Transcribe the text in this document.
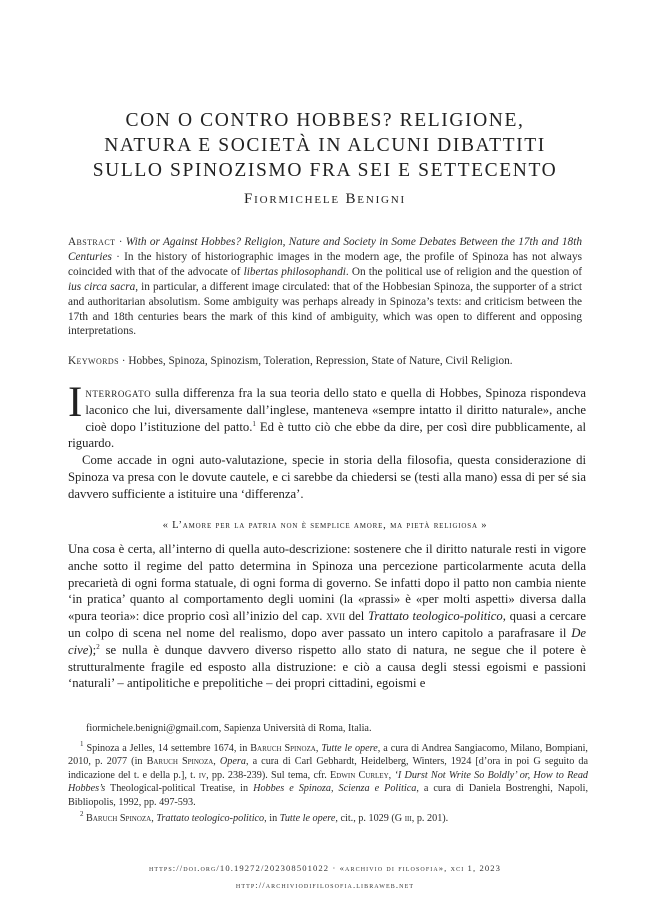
CON O CONTRO HOBBES? RELIGIONE,
NATURA E SOCIETÀ IN ALCUNI DIBATTITI
SULLO SPINOZISMO FRA SEI E SETTECENTO
Fiormichele Benigni
Abstract · With or Against Hobbes? Religion, Nature and Society in Some Debates Between the 17th and 18th Centuries · In the history of historiographic images in the modern age, the profile of Spinoza has not always coincided with that of the advocate of libertas philosophandi. On the political use of religion and the question of ius circa sacra, in particular, a different image circulated: that of the Hobbesian Spinoza, the supporter of a strict and authoritarian absolutism. Some ambiguity was perhaps already in Spinoza’s texts: and criticism between the 17th and 18th centuries bears the mark of this kind of ambiguity, which was open to different and opposing interpretations.
Keywords · Hobbes, Spinoza, Spinozism, Toleration, Repression, State of Nature, Civil Religion.

Interrogato sulla differenza fra la sua teoria dello stato e quella di Hobbes, Spinoza rispondeva laconico che lui, diversamente dall’inglese, manteneva «sempre intatto il diritto naturale», anche cioè dopo l’istituzione del patto.$^1$ Ed è tutto ciò che ebbe da dire, per così dire pubblicamente, al riguardo.

Come accade in ogni auto-valutazione, specie in storia della filosofia, questa considerazione di Spinoza va presa con le dovute cautele, e ci sarebbe da chiedersi se (testi alla mano) essa di per sé sia davvero sufficiente a istituire una ‘differenza’.

« L’amore per la patria non è semplice amore, ma pietà religiosa »

Una cosa è certa, all’interno di quella auto-descrizione: sostenere che il diritto naturale resti in vigore anche sotto il regime del patto determina in Spinoza una percezione particolarmente acuta della precarietà di ogni forma statuale, di ogni forma di governo. Se infatti dopo il patto non cambia niente ‘in pratica’ quanto al comportamento degli uomini (la «prassi» è «per molti aspetti» diversa dalla «pura teoria»: dice proprio così all’inizio del cap. xvii del Trattato teologico-politico, quasi a cercare un colpo di scena nel nome del realismo, dopo aver passato un intero capitolo a parafrasare il De cive);$^2$ se nulla è dunque davvero diverso rispetto allo stato di natura, ne segue che il potere è strutturalmente fragile ed esposto alla distruzione: e ciò a causa degli stessi egoismi e passioni ‘naturali’ – antipolitiche e prepolitiche – dei propri cittadini, egoismi e

fiormichele.benigni@gmail.com, Sapienza Università di Roma, Italia.

$^1$ Spinoza a Jelles, 14 settembre 1674, in Baruch Spinoza, Tutte le opere, a cura di Andrea Sangiacomo, Milano, Bompiani, 2010, p. 2077 (in Baruch Spinoza, Opera, a cura di Carl Gebhardt, Heidelberg, Winters, 1924 [d’ora in poi G seguito da indicazione del t. e della p.], t. iv, pp. 238-239). Sul tema, cfr. Edwin Curley, ‘I Durst Not Write So Boldly’ or, How to Read Hobbes’s Theological-political Treatise, in Hobbes e Spinoza, Scienza e Politica, a cura di Daniela Bostrenghi, Napoli, Bibliopolis, 1992, pp. 497-593.

$^2$ Baruch Spinoza, Trattato teologico-politico, in Tutte le opere, cit., p. 1029 (G iii, p. 201).

https://doi.org/10.19272/202308501022 · «archivio di filosofia», xci 1, 2023
http://archiviodifilosofia.libraweb.net
